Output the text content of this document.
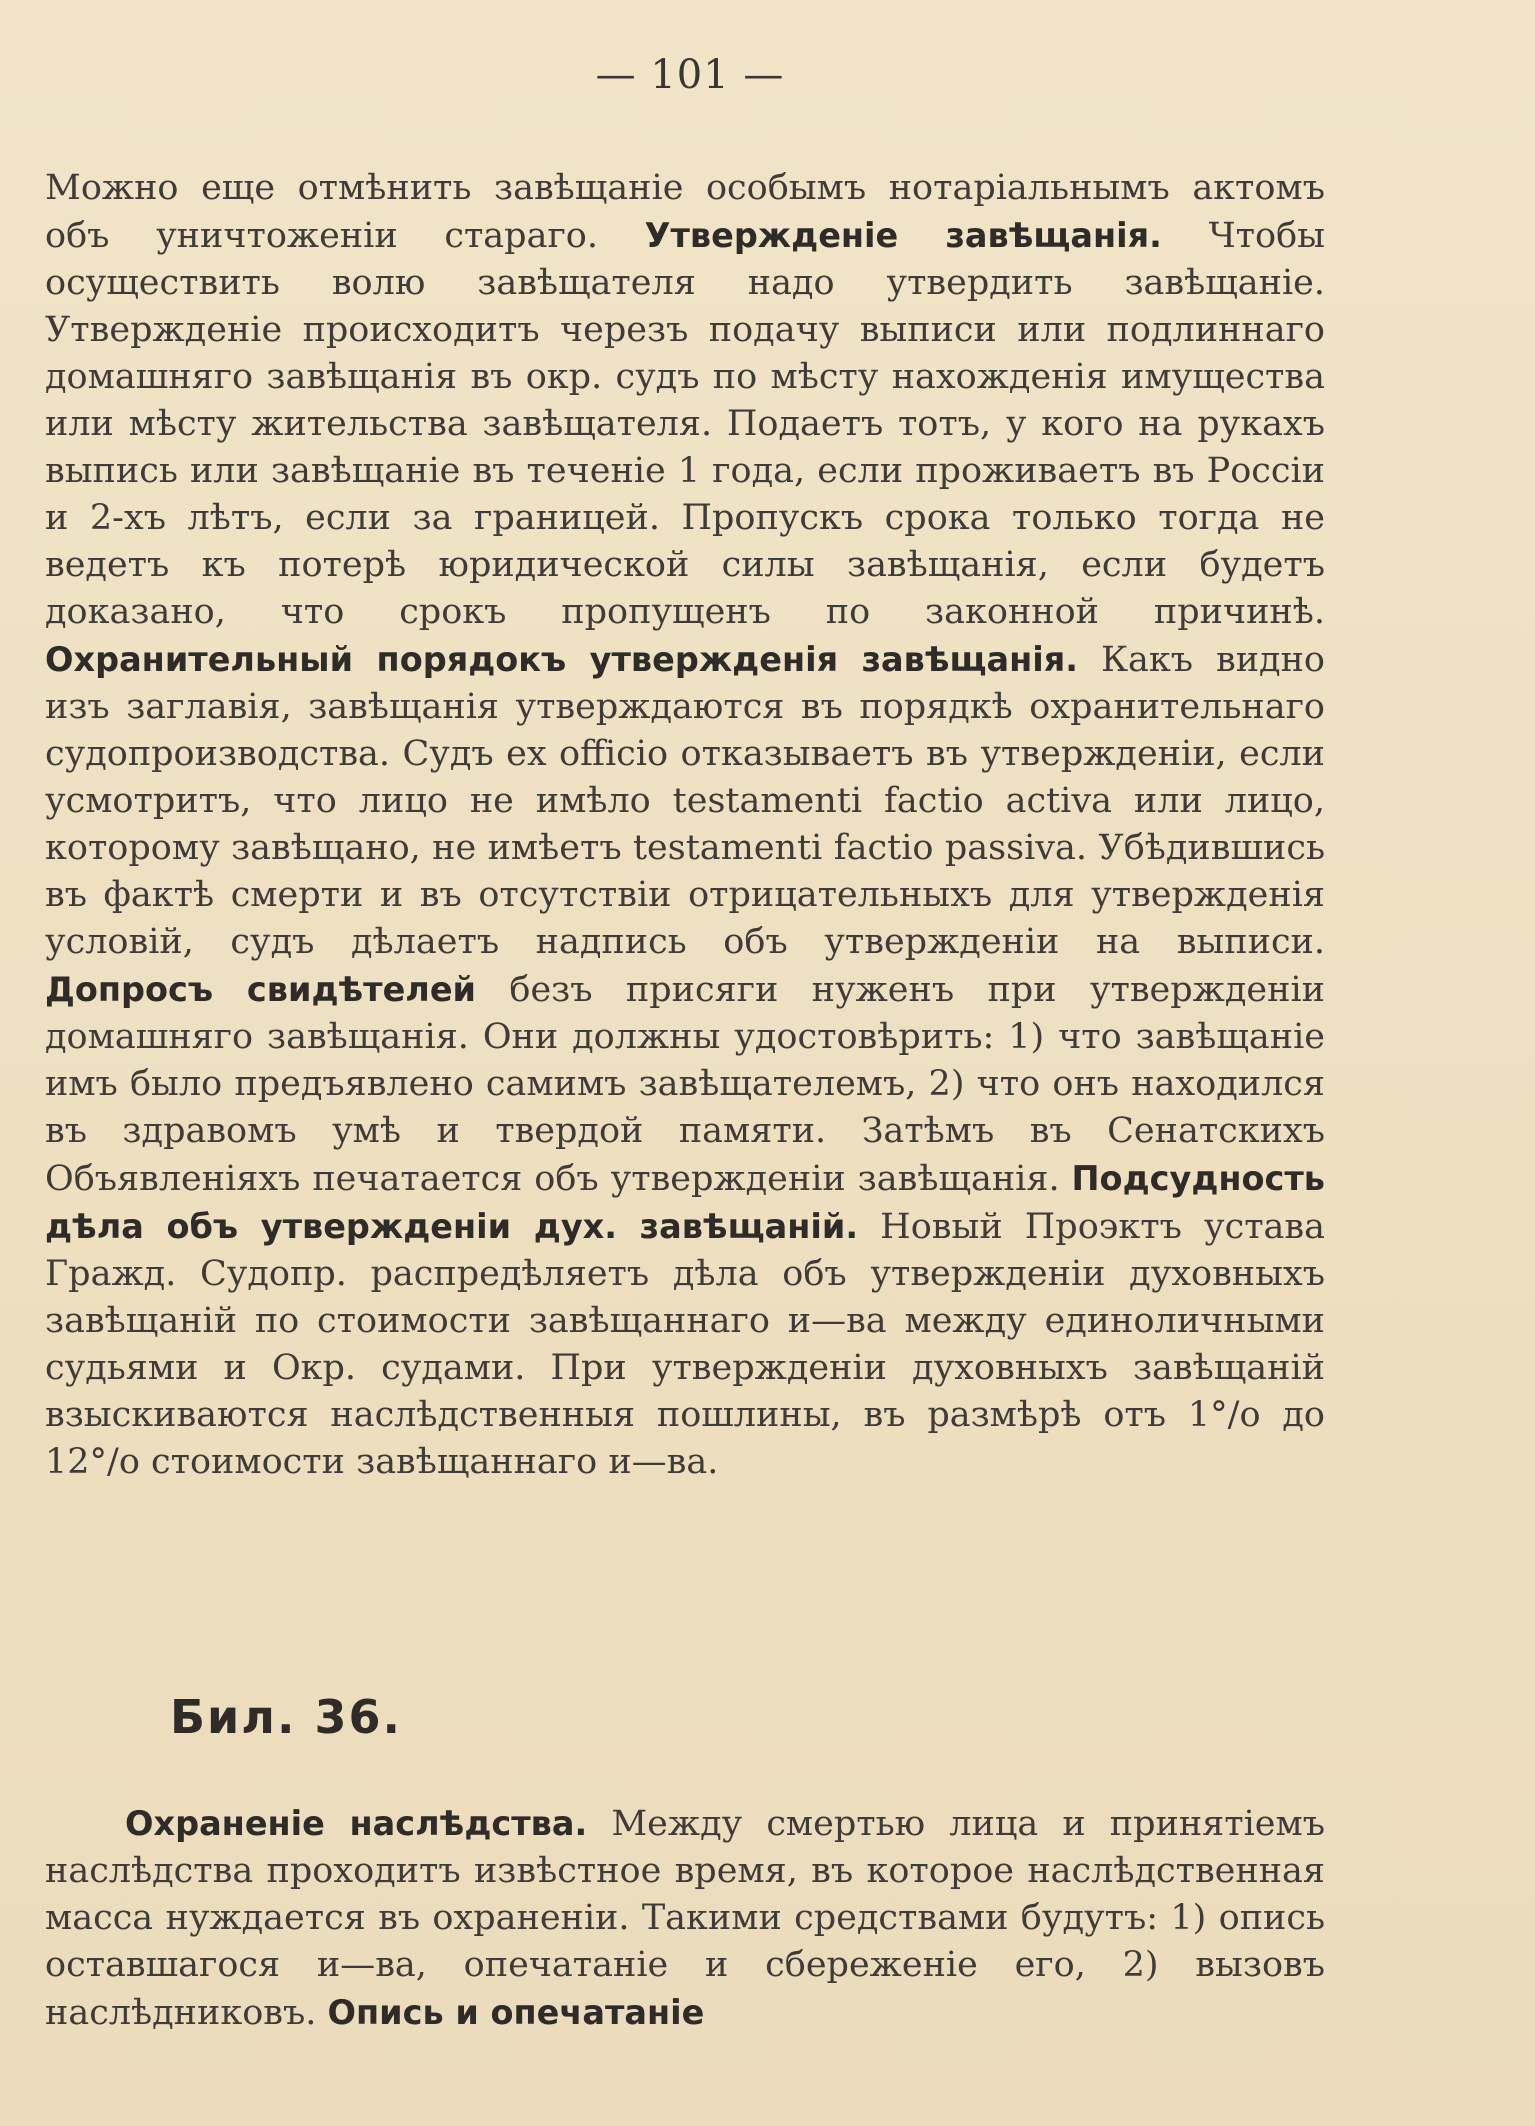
— 101 —
Можно еще отмѣнить завѣщаніе особымъ нотаріальнымъ актомъ объ уничтоженіи стараго. Утвержденіе завѣщанія. Чтобы осуществить волю завѣщателя надо утвердить завѣщаніе. Утвержденіе происходитъ черезъ подачу выписи или подлиннаго домашняго завѣщанія въ окр. судъ по мѣсту нахожденія имущества или мѣсту жительства завѣщателя. Подаетъ тотъ, у кого на рукахъ выпись или завѣщаніе въ теченіе 1 года, если проживаетъ въ Россіи и 2-хъ лѣтъ, если за границей. Пропускъ срока только тогда не ведетъ къ потерѣ юридической силы завѣщанія, если будетъ доказано, что срокъ пропущенъ по законной причинѣ. Охранительный порядокъ утвержденія завѣщанія. Какъ видно изъ заглавія, завѣщанія утверждаются въ порядкѣ охранительнаго судопроизводства. Судъ ex officio отказываетъ въ утвержденіи, если усмотритъ, что лицо не имѣло testamenti factio activa или лицо, которому завѣщано, не имѣетъ testamenti factio passiva. Убѣдившись въ фактѣ смерти и въ отсутствіи отрицательныхъ для утвержденія условій, судъ дѣлаетъ надпись объ утвержденіи на выписи. Допросъ свидѣтелей безъ присяги нуженъ при утвержденіи домашняго завѣщанія. Они должны удостовѣрить: 1) что завѣщаніе имъ было предъявлено самимъ завѣщателемъ, 2) что онъ находился въ здравомъ умѣ и твердой памяти. Затѣмъ въ Сенатскихъ Объявленіяхъ печатается объ утвержденіи завѣщанія. Подсудность дѣла объ утвержденіи дух. завѣщаній. Новый Проэктъ устава Гражд. Судопр. распредѣляетъ дѣла объ утвержденіи духовныхъ завѣщаній по стоимости завѣщаннаго и—ва между единоличными судьями и Окр. судами. При утвержденіи духовныхъ завѣщаній взыскиваются наслѣдственныя пошлины, въ размѣрѣ отъ 1°/о до 12°/о стоимости завѣщаннаго и—ва.
Бил. 36.
Охраненіе наслѣдства. Между смертью лица и принятіемъ наслѣдства проходитъ извѣстное время, въ которое наслѣдственная масса нуждается въ охраненіи. Такими средствами будутъ: 1) опись оставшагося и—ва, опечатаніе и сбереженіе его, 2) вызовъ наслѣдниковъ. Опись и опечатаніе
